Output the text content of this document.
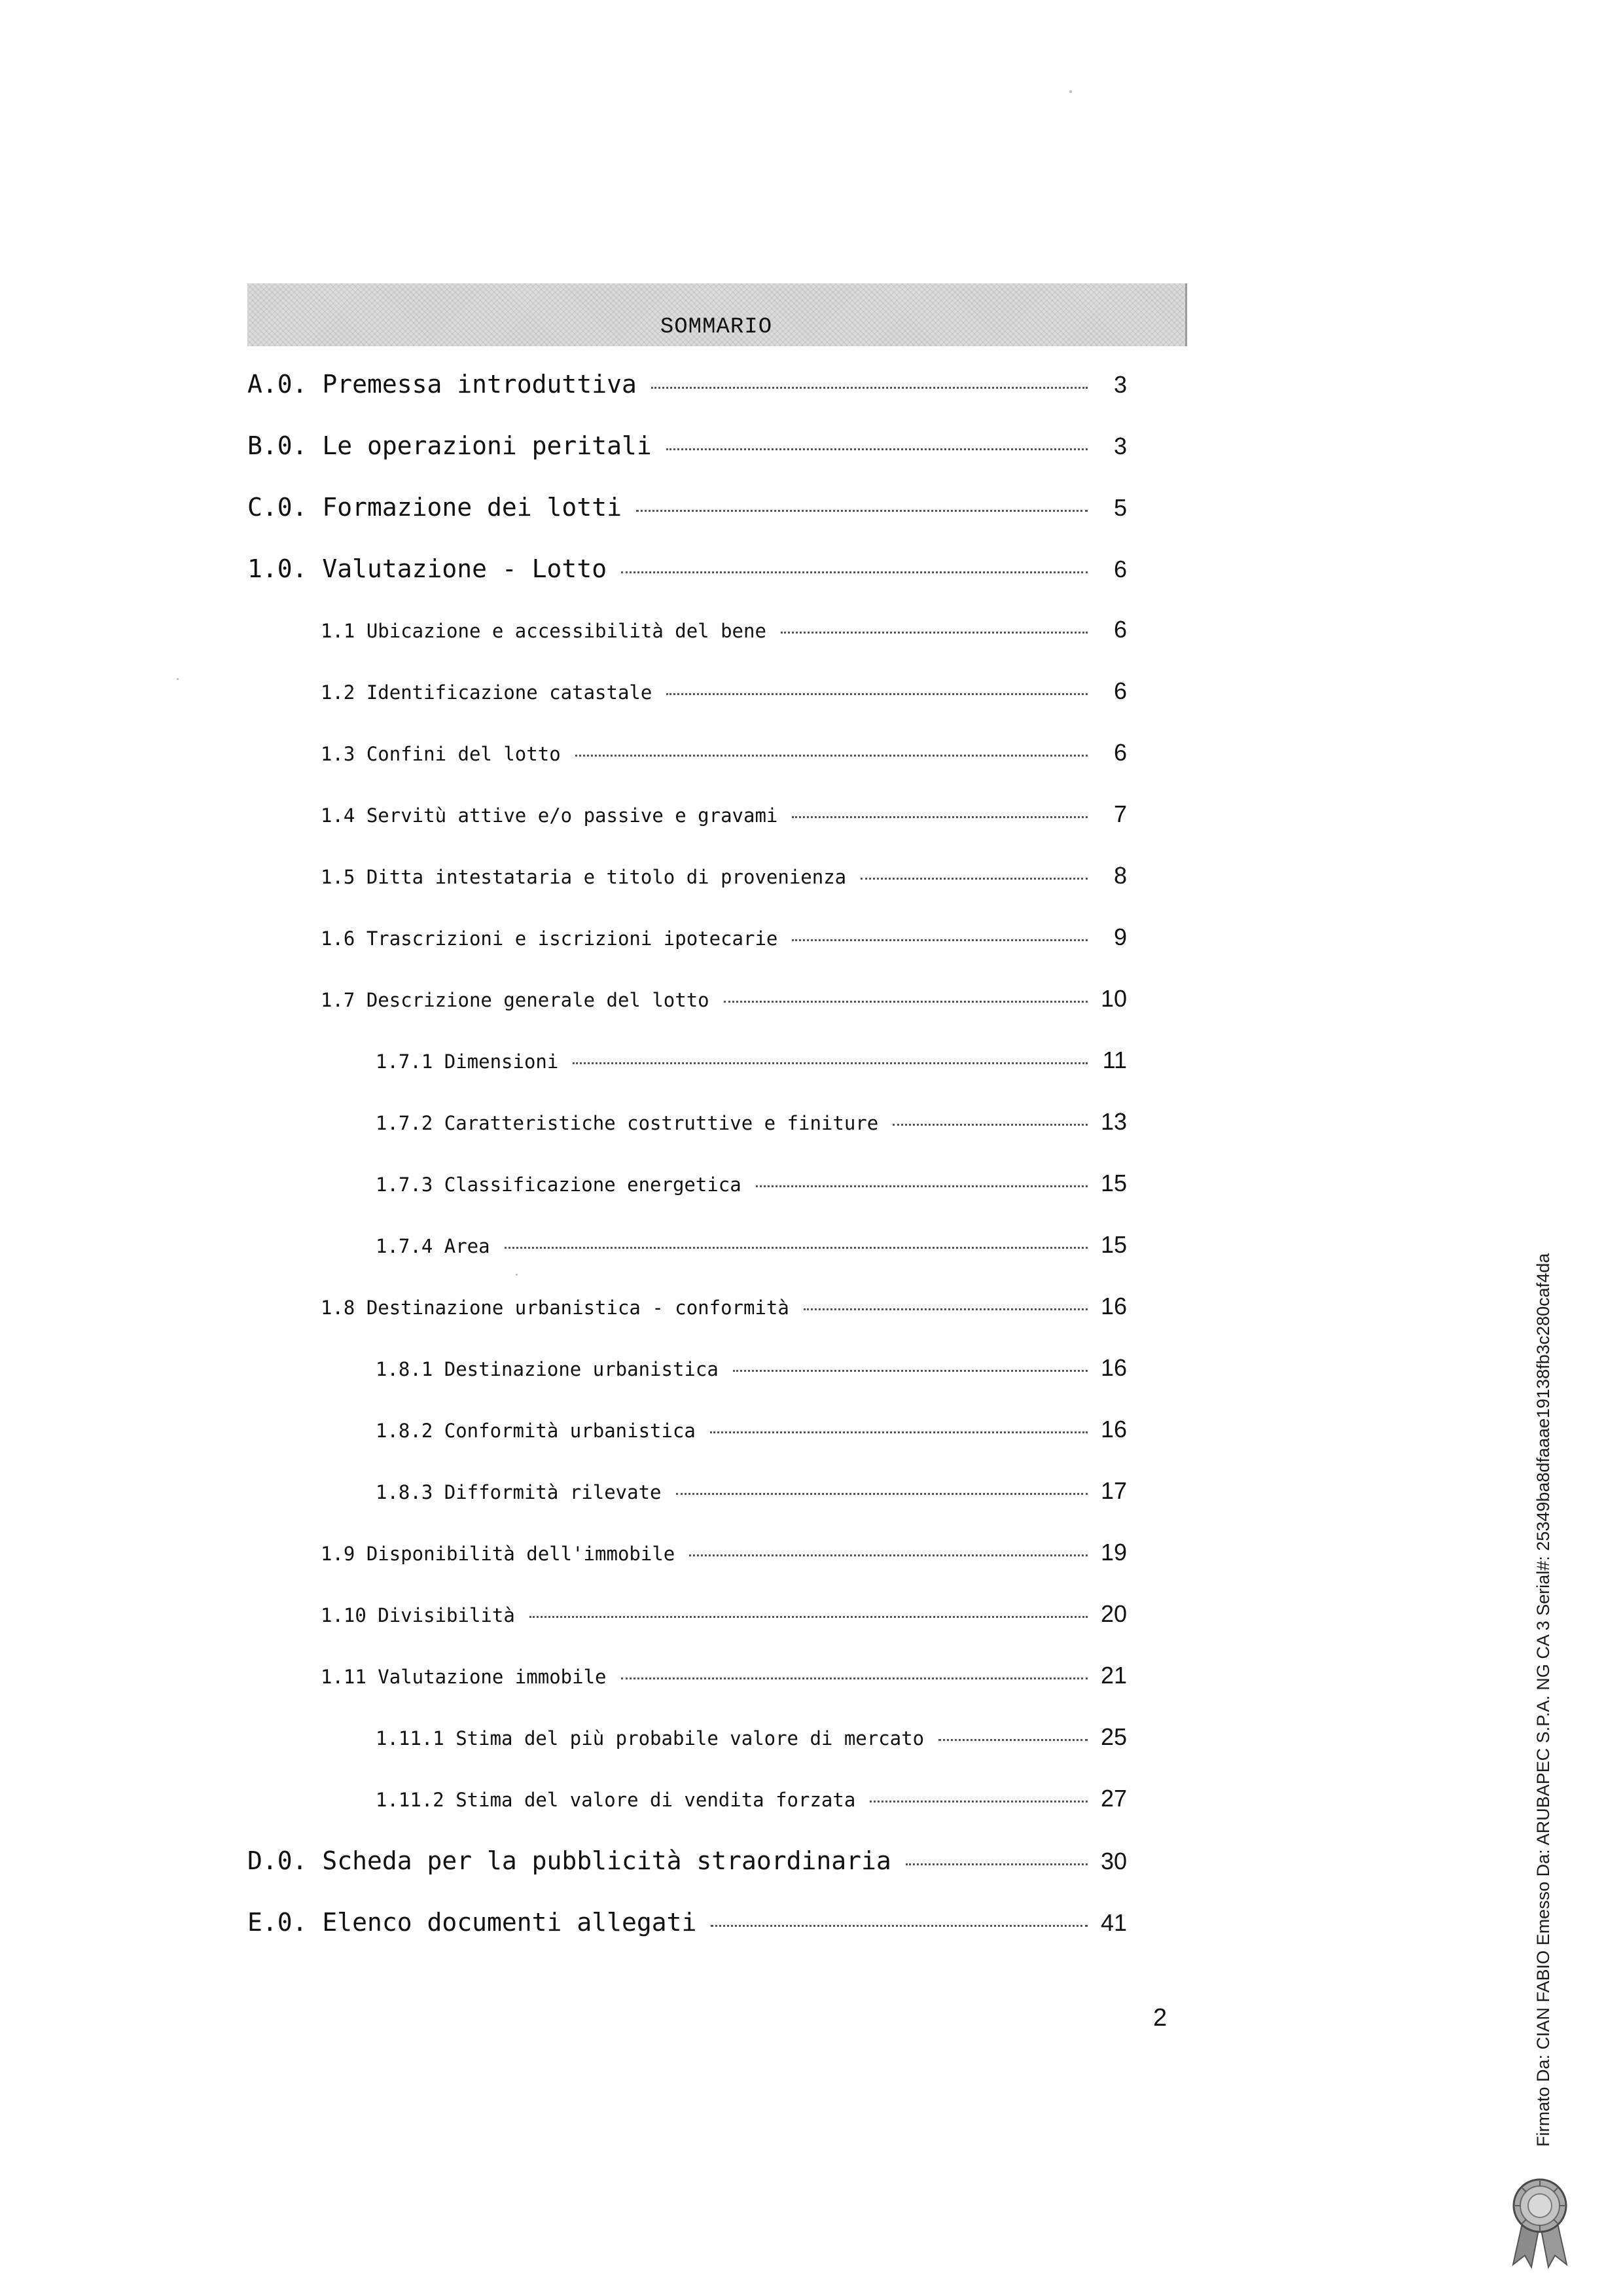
SOMMARIO
A.0. Premessa introduttiva	3
B.0. Le operazioni peritali	3
C.0. Formazione dei lotti	5
1.0. Valutazione - Lotto	6
1.1 Ubicazione e accessibilità del bene	6
1.2 Identificazione catastale	6
1.3 Confini del lotto	6
1.4 Servitù attive e/o passive e gravami	7
1.5 Ditta intestataria e titolo di provenienza	8
1.6 Trascrizioni e iscrizioni ipotecarie	9
1.7 Descrizione generale del lotto	10
1.7.1 Dimensioni	11
1.7.2 Caratteristiche costruttive e finiture	13
1.7.3 Classificazione energetica	15
1.7.4 Area	15
1.8 Destinazione urbanistica - conformità	16
1.8.1 Destinazione urbanistica	16
1.8.2 Conformità urbanistica	16
1.8.3 Difformità rilevate	17
1.9 Disponibilità dell'immobile	19
1.10 Divisibilità	20
1.11 Valutazione immobile	21
1.11.1 Stima del più probabile valore di mercato	25
1.11.2 Stima del valore di vendita forzata	27
D.0. Scheda per la pubblicità straordinaria	30
E.0. Elenco documenti allegati	41
2	Firmato Da: CIAN FABIO Emesso Da: ARUBAPEC S.P.A. NG CA 3 Serial#: 25349ba8dfaaae19138fb3c280caf4da
